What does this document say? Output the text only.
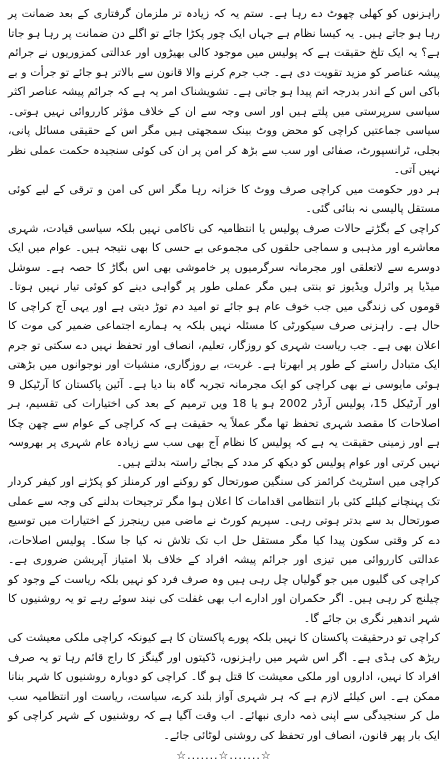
راہزنوں کو کھلی چھوٹ دے رہا ہے۔ ستم یہ کہ زیادہ تر ملزمان گرفتاری کے بعد ضمانت پر رہا ہو جاتے ہیں۔ یہ کیسا نظام ہے جہاں ایک چور پکڑا جائے تو اگلے دن ضمانت پر رہا ہو جاتا ہے؟ یہ ایک تلخ حقیقت ہے کہ پولیس میں موجود کالی بھیڑوں اور عدالتی کمزوریوں نے جرائم پیشہ عناصر کو مزید تقویت دی ہے۔ جب جرم کرنے والا قانون سے بالاتر ہو جائے تو جرأت و بے باکی اس کے اندر بدرجہ اتم پیدا ہو جاتی ہے۔ تشویشناک امر یہ ہے کہ جرائم پیشہ عناصر اکثر سیاسی سرپرستی میں پلتے ہیں اور اسی وجہ سے ان کے خلاف مؤثر کارروائی نہیں ہوتی۔ سیاسی جماعتیں کراچی کو محض ووٹ بینک سمجھتی ہیں مگر اس کے حقیقی مسائل پانی، بجلی، ٹرانسپورٹ، صفائی اور سب سے بڑھ کر امن پر ان کی کوئی سنجیدہ حکمت عملی نظر نہیں آتی۔

ہر دور حکومت میں کراچی صرف ووٹ کا خزانہ رہا مگر اس کی امن و ترقی کے لیے کوئی مستقل پالیسی نہ بنائی گئی۔

کراچی کے بگڑتے حالات صرف پولیس یا انتظامیہ کی ناکامی نہیں بلکہ سیاسی قیادت، شہری معاشرے اور مذہبی و سماجی حلقوں کی مجموعی بے حسی کا بھی نتیجہ ہیں۔ عوام میں ایک دوسرے سے لاتعلقی اور مجرمانہ سرگرمیوں پر خاموشی بھی اس بگاڑ کا حصہ ہے۔ سوشل میڈیا پر وائرل ویڈیوز تو بنتی ہیں مگر عملی طور پر گواہی دینے کو کوئی تیار نہیں ہوتا۔ قوموں کی زندگی میں جب خوف عام ہو جائے تو امید دم توڑ دیتی ہے اور یہی آج کراچی کا حال ہے۔ راہزنی صرف سیکورٹی کا مسئلہ نہیں بلکہ یہ ہمارے اجتماعی ضمیر کی موت کا اعلان بھی ہے۔ جب ریاست شہری کو روزگار، تعلیم، انصاف اور تحفظ نہیں دے سکتی تو جرم ایک متبادل راستے کے طور پر ابھرتا ہے۔ غربت، بے روزگاری، منشیات اور نوجوانوں میں بڑھتی ہوئی مایوسی نے بھی کراچی کو ایک مجرمانہ تجربہ گاہ بنا دیا ہے۔ آئین پاکستان کا آرٹیکل 9 اور آرٹیکل 15، پولیس آرڈر 2002 ہو یا 18 ویں ترمیم کے بعد کی اختیارات کی تقسیم، ہر اصلاحات کا مقصد شہری تحفظ تھا مگر عملاً یہ حقیقت ہے کہ کراچی کے عوام سے چھن چکا ہے اور زمینی حقیقت یہ ہے کہ پولیس کا نظام آج بھی سب سے زیادہ عام شہری پر بھروسہ نہیں کرتی اور عوام پولیس کو دیکھ کر مدد کے بجائے راستہ بدلتے ہیں۔

کراچی میں اسٹریٹ کرائمز کی سنگین صورتحال کو روکنے اور کرمنلز کو پکڑنے اور کیفر کردار تک پہنچانے کیلئے کئی بار انتظامی اقدامات کا اعلان ہوا مگر ترجیحات بدلنے کی وجہ سے عملی صورتحال بد سے بدتر ہوتی رہی۔ سپریم کورٹ نے ماضی میں رینجرز کے اختیارات میں توسیع دے کر وقتی سکون پیدا کیا مگر مستقل حل اب تک تلاش نہ کیا جا سکا۔ پولیس اصلاحات، عدالتی کارروائی میں تیزی اور جرائم پیشہ افراد کے خلاف بلا امتیاز آپریشن ضروری ہے۔ کراچی کی گلیوں میں جو گولیاں چل رہی ہیں وہ صرف فرد کو نہیں بلکہ ریاست کے وجود کو چیلنج کر رہی ہیں۔ اگر حکمران اور ادارے اب بھی غفلت کی نیند سوئے رہے تو یہ روشنیوں کا شہر اندھیر نگری بن جائے گا۔

کراچی تو درحقیقت پاکستان کا نہیں بلکہ پورے پاکستان کا ہے کیونکہ کراچی ملکی معیشت کی ریڑھ کی ہڈی ہے۔ اگر اس شہر میں راہزنوں، ڈکیتوں اور گینگز کا راج قائم رہا تو یہ صرف افراد کا نہیں، اداروں اور ملکی معیشت کا قتل ہو گا۔ کراچی کو دوبارہ روشنیوں کا شہر بنانا ممکن ہے۔ اس کیلئے لازم ہے کہ ہر شہری آواز بلند کرے، سیاست، ریاست اور انتظامیہ سب مل کر سنجیدگی سے اپنی ذمہ داری نبھائے۔ اب وقت آگیا ہے کہ روشنیوں کے شہر کراچی کو ایک بار پھر قانون، انصاف اور تحفظ کی روشنی لوٹائی جائے۔

☆.......☆.......☆
